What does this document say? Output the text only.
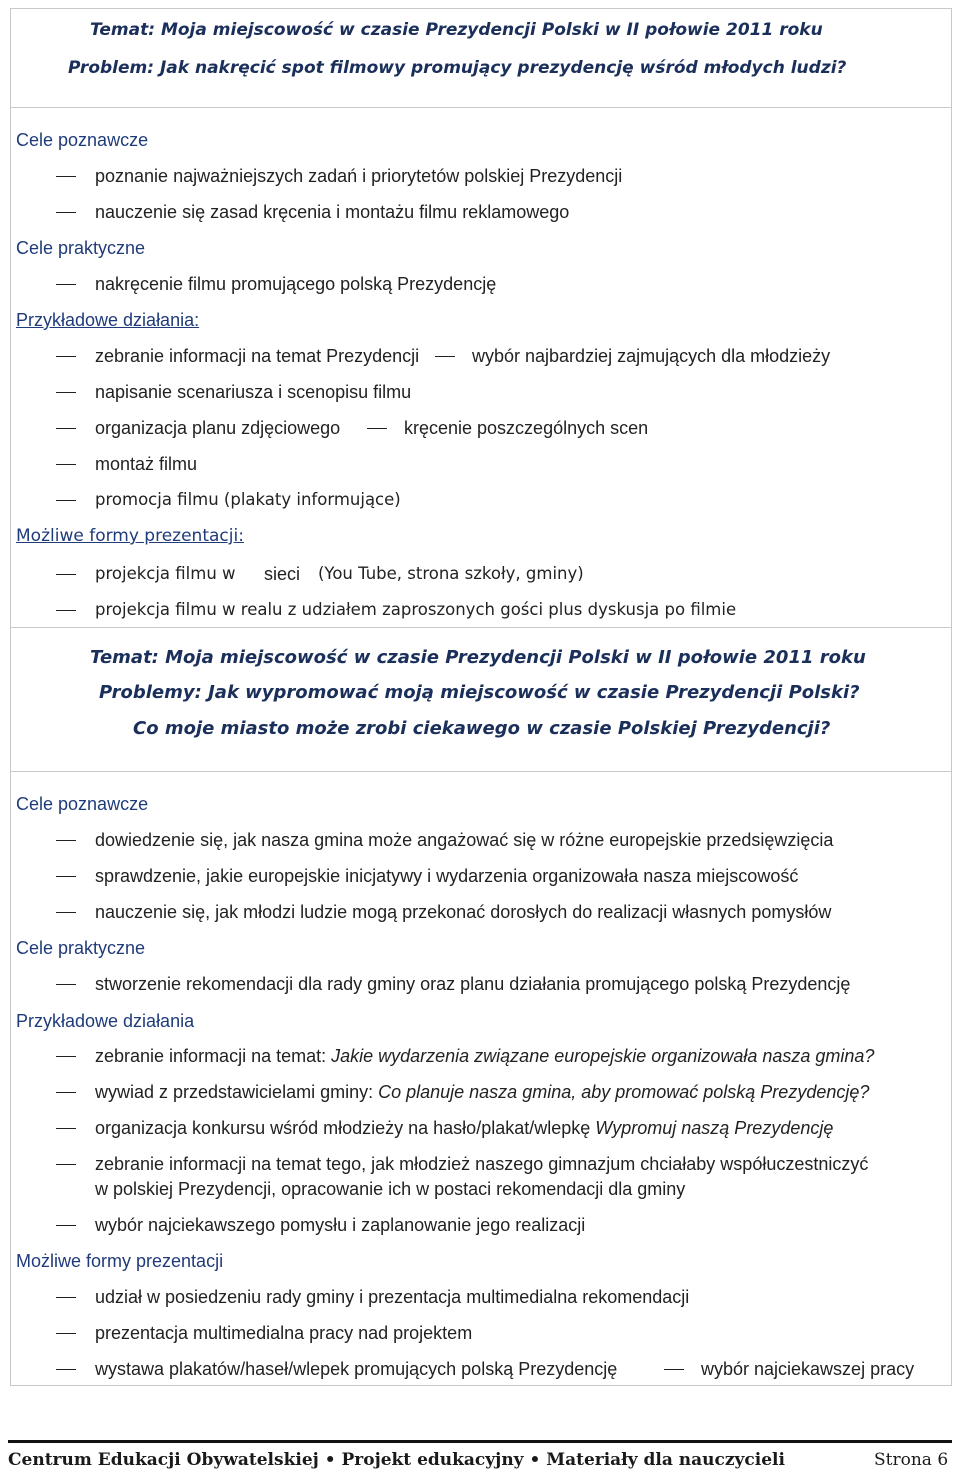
Temat: Moja miejscowość w czasie Prezydencji Polski w II połowie 2011 roku
Problem: Jak nakręcić spot filmowy promujący prezydencję wśród młodych ludzi?
Cele poznawcze
poznanie najważniejszych zadań i priorytetów polskiej Prezydencji
nauczenie się zasad kręcenia i montażu filmu reklamowego
Cele praktyczne
nakręcenie filmu promującego polską Prezydencję
Przykładowe działania:
zebranie informacji na temat Prezydencji	wybór najbardziej zajmujących dla młodzieży
napisanie scenariusza i scenopisu filmu
organizacja planu zdjęciowego	kręcenie poszczególnych scen
montaż filmu
promocja filmu (plakaty informujące)
Możliwe formy prezentacji:
projekcja filmu w sieci (You Tube, strona szkoły, gminy)
projekcja filmu w realu z udziałem zaproszonych gości plus dyskusja po filmie
Temat: Moja miejscowość w czasie Prezydencji Polski w II połowie 2011 roku
Problemy: Jak wypromować moją miejscowość w czasie Prezydencji Polski?
Co moje miasto może zrobi ciekawego w czasie Polskiej Prezydencji?
Cele poznawcze
dowiedzenie się, jak nasza gmina może angażować się w różne europejskie przedsięwzięcia
sprawdzenie, jakie europejskie inicjatywy i wydarzenia organizowała nasza miejscowość
nauczenie się, jak młodzi ludzie mogą przekonać dorosłych do realizacji własnych pomysłów
Cele praktyczne
stworzenie rekomendacji dla rady gminy oraz planu działania promującego polską Prezydencję
Przykładowe działania
zebranie informacji na temat: Jakie wydarzenia związane europejskie organizowała nasza gmina?
wywiad z przedstawicielami gminy: Co planuje nasza gmina, aby promować polską Prezydencję?
organizacja konkursu wśród młodzieży na hasło/plakat/wlepkę Wypromuj naszą Prezydencję
zebranie informacji na temat tego, jak młodzież naszego gimnazjum chciałaby współuczestniczyć
w polskiej Prezydencji, opracowanie ich w postaci rekomendacji dla gminy
wybór najciekawszego pomysłu i zaplanowanie jego realizacji
Możliwe formy prezentacji
udział w posiedzeniu rady gminy i prezentacja multimedialna rekomendacji
prezentacja multimedialna pracy nad projektem
wystawa plakatów/haseł/wlepek promujących polską Prezydencję	wybór najciekawszej pracy
Centrum Edukacji Obywatelskiej • Projekt edukacyjny • Materiały dla nauczycieli	Strona 6
